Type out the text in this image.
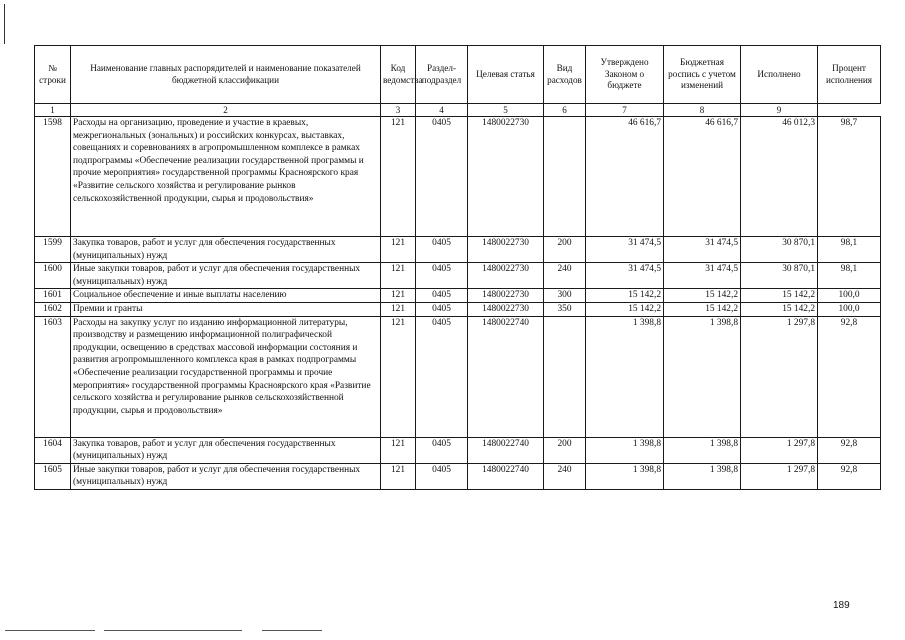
№ строки	Наименование главных распорядителей и наименование показателей бюджетной классификации	Код ведомства	Раздел-подраздел	Целевая статья	Вид расходов	Утверждено Законом о бюджете	Бюджетная роспись с учетом изменений	Исполнено	Процент исполнения
1	2	3	4	5	6	7	8	9	
1598	Расходы на организацию, проведение и участие в краевых, межрегиональных (зональных) и российских конкурсах, выставках, совещаниях и соревнованиях в агропромышленном комплексе в рамках подпрограммы «Обеспечение реализации государственной программы и прочие мероприятия» государственной программы Красноярского края «Развитие сельского хозяйства и регулирование рынков сельскохозяйственной продукции, сырья и продовольствия»	121	0405	1480022730		46 616,7	46 616,7	46 012,3	98,7
1599	Закупка товаров, работ и услуг для обеспечения государственных (муниципальных) нужд	121	0405	1480022730	200	31 474,5	31 474,5	30 870,1	98,1
1600	Иные закупки товаров, работ и услуг для обеспечения государственных (муниципальных) нужд	121	0405	1480022730	240	31 474,5	31 474,5	30 870,1	98,1
1601	Социальное обеспечение и иные выплаты населению	121	0405	1480022730	300	15 142,2	15 142,2	15 142,2	100,0
1602	Премии и гранты	121	0405	1480022730	350	15 142,2	15 142,2	15 142,2	100,0
1603	Расходы на закупку услуг по изданию информационной литературы, производству и размещению информационной полиграфической продукции, освещению в средствах массовой информации состояния и развития агропромышленного комплекса края в рамках подпрограммы «Обеспечение реализации государственной программы и прочие мероприятия» государственной программы Красноярского края «Развитие сельского хозяйства и регулирование рынков сельскохозяйственной продукции, сырья и продовольствия»	121	0405	1480022740		1 398,8	1 398,8	1 297,8	92,8
1604	Закупка товаров, работ и услуг для обеспечения государственных (муниципальных) нужд	121	0405	1480022740	200	1 398,8	1 398,8	1 297,8	92,8
1605	Иные закупки товаров, работ и услуг для обеспечения государственных (муниципальных) нужд	121	0405	1480022740	240	1 398,8	1 398,8	1 297,8	92,8
189
